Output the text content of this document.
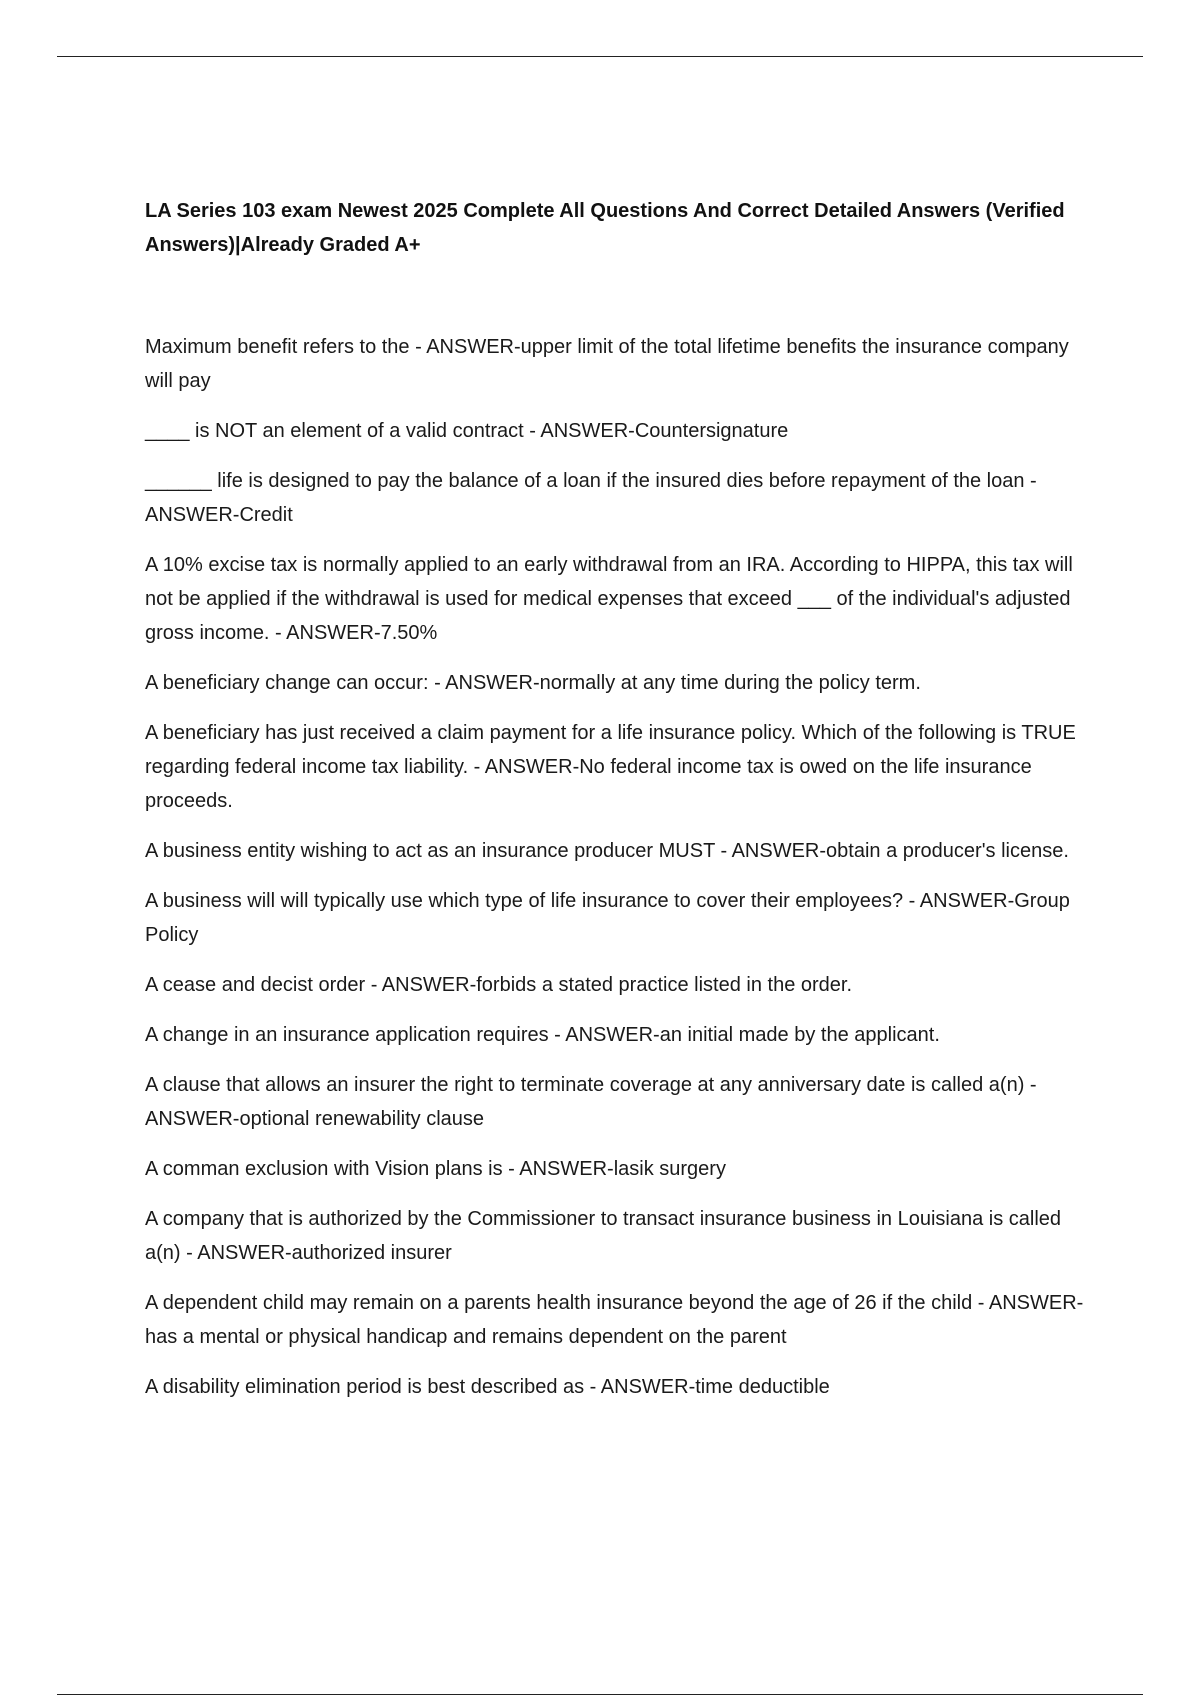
LA Series 103 exam Newest 2025 Complete All Questions And Correct Detailed Answers (Verified Answers)|Already Graded A+
Maximum benefit refers to the - ANSWER-upper limit of the total lifetime benefits the insurance company will pay
____ is NOT an element of a valid contract - ANSWER-Countersignature
______ life is designed to pay the balance of a loan if the insured dies before repayment of the loan - ANSWER-Credit
A 10% excise tax is normally applied to an early withdrawal from an IRA. According to HIPPA, this tax will not be applied if the withdrawal is used for medical expenses that exceed ___ of the individual's adjusted gross income. - ANSWER-7.50%
A beneficiary change can occur: - ANSWER-normally at any time during the policy term.
A beneficiary has just received a claim payment for a life insurance policy. Which of the following is TRUE regarding federal income tax liability. - ANSWER-No federal income tax is owed on the life insurance proceeds.
A business entity wishing to act as an insurance producer MUST - ANSWER-obtain a producer's license.
A business will will typically use which type of life insurance to cover their employees? - ANSWER-Group Policy
A cease and decist order - ANSWER-forbids a stated practice listed in the order.
A change in an insurance application requires - ANSWER-an initial made by the applicant.
A clause that allows an insurer the right to terminate coverage at any anniversary date is called a(n) - ANSWER-optional renewability clause
A comman exclusion with Vision plans is - ANSWER-lasik surgery
A company that is authorized by the Commissioner to transact insurance business in Louisiana is called a(n) - ANSWER-authorized insurer
A dependent child may remain on a parents health insurance beyond the age of 26 if the child - ANSWER-has a mental or physical handicap and remains dependent on the parent
A disability elimination period is best described as - ANSWER-time deductible
